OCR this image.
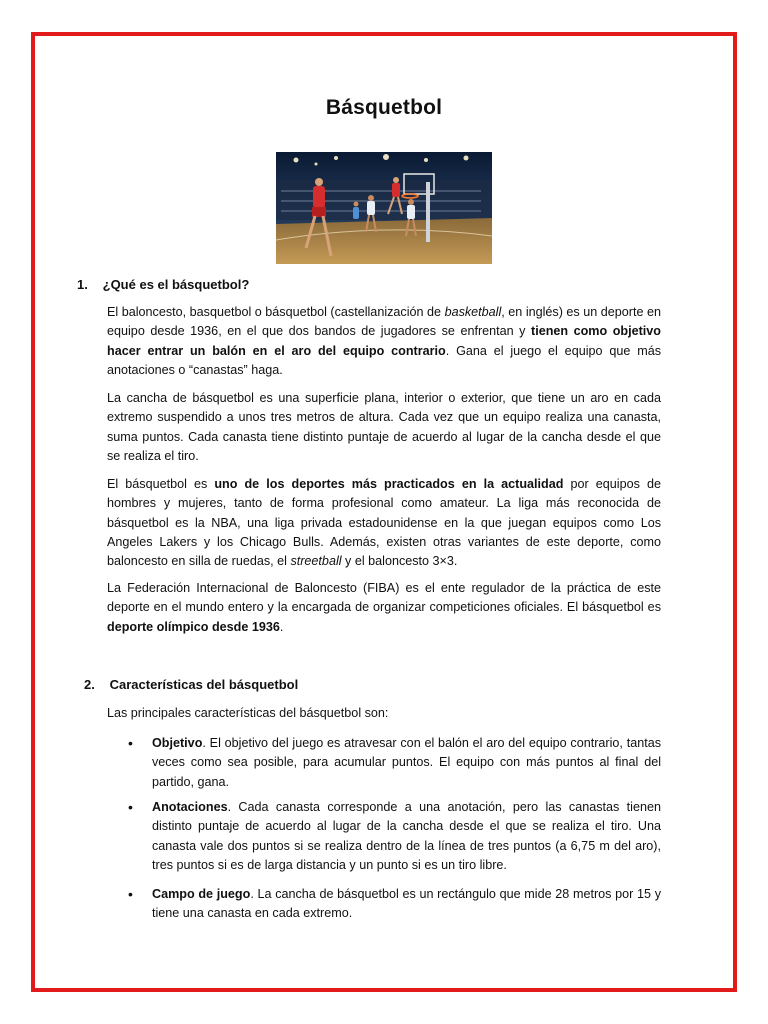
Básquetbol
1. ¿Qué es el básquetbol?

El baloncesto, basquetbol o básquetbol (castellanización de basketball, en inglés) es un deporte en equipo desde 1936, en el que dos bandos de jugadores se enfrentan y tienen como objetivo hacer entrar un balón en el aro del equipo contrario. Gana el juego el equipo que más anotaciones o “canastas” haga.

La cancha de básquetbol es una superficie plana, interior o exterior, que tiene un aro en cada extremo suspendido a unos tres metros de altura. Cada vez que un equipo realiza una canasta, suma puntos. Cada canasta tiene distinto puntaje de acuerdo al lugar de la cancha desde el que se realiza el tiro.

El básquetbol es uno de los deportes más practicados en la actualidad por equipos de hombres y mujeres, tanto de forma profesional como amateur. La liga más reconocida de básquetbol es la NBA, una liga privada estadounidense en la que juegan equipos como Los Angeles Lakers y los Chicago Bulls. Además, existen otras variantes de este deporte, como baloncesto en silla de ruedas, el streetball y el baloncesto 3×3.

La Federación Internacional de Baloncesto (FIBA) es el ente regulador de la práctica de este deporte en el mundo entero y la encargada de organizar competiciones oficiales. El básquetbol es deporte olímpico desde 1936.

2. Características del básquetbol

Las principales características del básquetbol son:

• Objetivo. El objetivo del juego es atravesar con el balón el aro del equipo contrario, tantas veces como sea posible, para acumular puntos. El equipo con más puntos al final del partido, gana.

• Anotaciones. Cada canasta corresponde a una anotación, pero las canastas tienen distinto puntaje de acuerdo al lugar de la cancha desde el que se realiza el tiro. Una canasta vale dos puntos si se realiza dentro de la línea de tres puntos (a 6,75 m del aro), tres puntos si es de larga distancia y un punto si es un tiro libre.

• Campo de juego. La cancha de básquetbol es un rectángulo que mide 28 metros por 15 y tiene una canasta en cada extremo.
